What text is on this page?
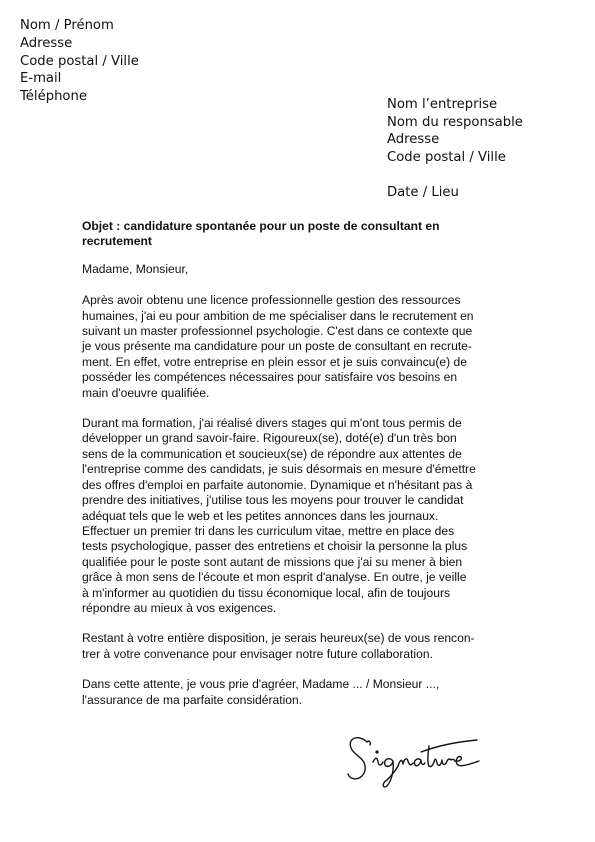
Nom / Prénom
Adresse
Code postal / Ville
E-mail
Téléphone
Nom l’entreprise
Nom du responsable
Adresse
Code postal / Ville
Date / Lieu
Objet : candidature spontanée pour un poste de consultant en
recrutement
Madame, Monsieur,
Après avoir obtenu une licence professionnelle gestion des ressources
humaines, j'ai eu pour ambition de me spécialiser dans le recrutement en
suivant un master professionnel psychologie. C'est dans ce contexte que
je vous présente ma candidature pour un poste de consultant en recrute-
ment. En effet, votre entreprise en plein essor et je suis convaincu(e) de
posséder les compétences nécessaires pour satisfaire vos besoins en
main d'oeuvre qualifiée.
Durant ma formation, j'ai réalisé divers stages qui m'ont tous permis de
développer un grand savoir-faire. Rigoureux(se), doté(e) d'un très bon
sens de la communication et soucieux(se) de répondre aux attentes de
l'entreprise comme des candidats, je suis désormais en mesure d'émettre
des offres d'emploi en parfaite autonomie. Dynamique et n'hésitant pas à
prendre des initiatives, j'utilise tous les moyens pour trouver le candidat
adéquat tels que le web et les petites annonces dans les journaux.
Effectuer un premier tri dans les curriculum vitae, mettre en place des
tests psychologique, passer des entretiens et choisir la personne la plus
qualifiée pour le poste sont autant de missions que j'ai su mener à bien
grâce à mon sens de l'écoute et mon esprit d'analyse. En outre, je veille
à m'informer au quotidien du tissu économique local, afin de toujours
répondre au mieux à vos exigences.
Restant à votre entière disposition, je serais heureux(se) de vous rencon-
trer à votre convenance pour envisager notre future collaboration.
Dans cette attente, je vous prie d'agréer, Madame ... / Monsieur ...,
l'assurance de ma parfaite considération.
